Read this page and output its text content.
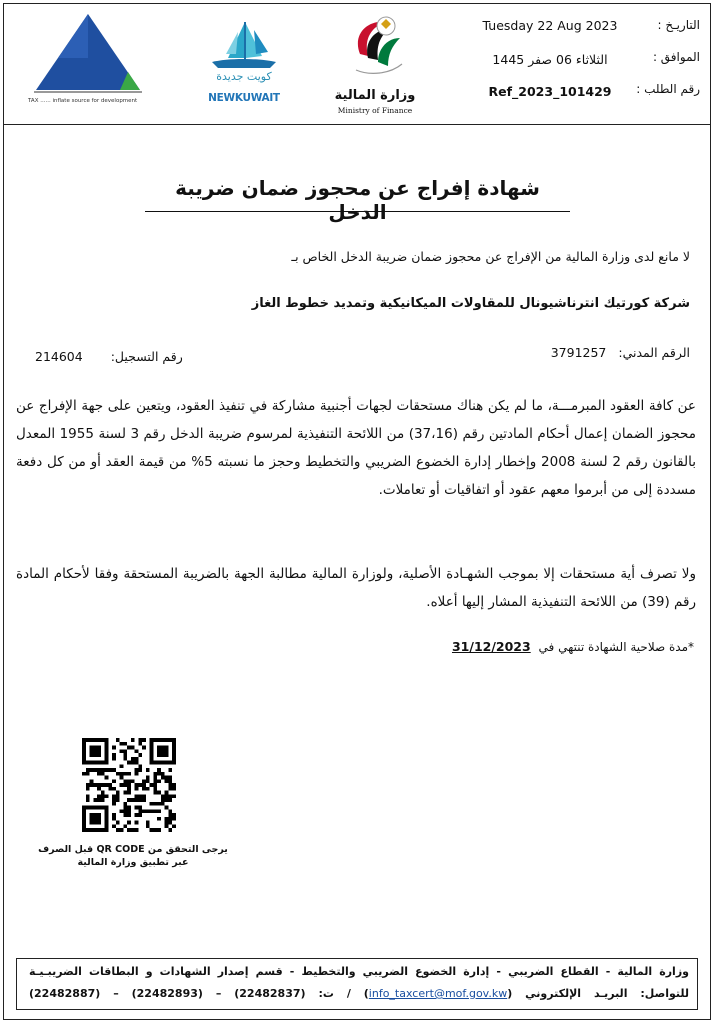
التاريـخ :
Tuesday 22 Aug 2023
الموافق :
الثلاثاء 06 صفر 1445
رقم الطلب :
Ref_2023_101429
وزارة المالية
Ministry of Finance
كويت جديدة
NEWKUWAIT
TAX ...... inflate source for development
شهادة إفراج عن محجوز ضمان ضريبة الدخل
لا مانع لدى وزارة المالية من الإفراج عن محجوز ضمان ضريبة الدخل الخاص بـ
شركة كورتيك انترناشيونال للمقاولات الميكانيكية وتمديد خطوط الغاز
الرقم المدني: 3791257
رقم التسجيل: 214604
عن كافة العقود المبرمـــة، ما لم يكن هناك مستحقات لجهات أجنبية مشاركة في تنفيذ العقود، ويتعين على جهة الإفراج عن محجوز الضمان إعمال أحكام المادتين رقم (37،16) من اللائحة التنفيذية لمرسوم ضريبة الدخل رقم 3 لسنة 1955 المعدل بالقانون رقم 2 لسنة 2008 وإخطار إدارة الخضوع الضريبي والتخطيط وحجز ما نسبته 5% من قيمة العقد أو من كل دفعة مسددة إلى من أبرموا معهم عقود أو اتفاقيات أو تعاملات.
ولا تصرف أية مستحقات إلا بموجب الشهـادة الأصلية، ولوزارة المالية مطالبة الجهة بالضريبة المستحقة وفقا لأحكام المادة رقم (39) من اللائحة التنفيذية المشار إليها أعلاه.
*مدة صلاحية الشهادة تنتهي في 31/12/2023
يرجى التحقق من QR CODE قبل الصرف
عبر تطبيق وزارة المالية
وزارة المالية - القطاع الضريبي - إدارة الخضوع الضريبي والتخطيط - قسم إصدار الشهادات و البطاقات الضريبـيـة
للتواصل: البريـد الإلكتروني (info_taxcert@mof.gov.kw) / ت: (22482837) – (22482893) – (22482887)
